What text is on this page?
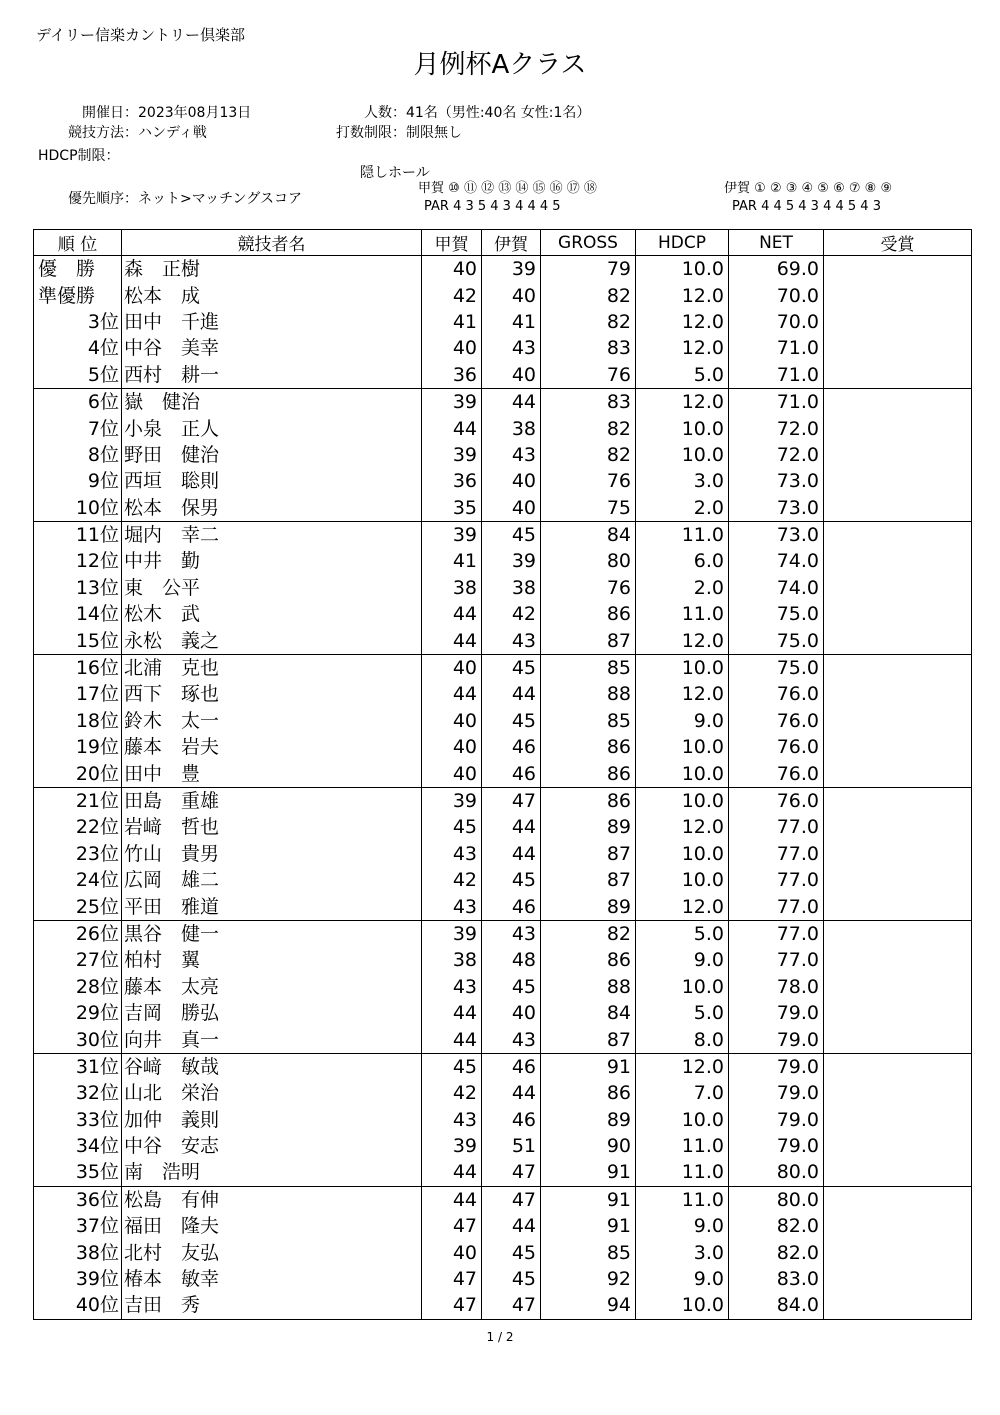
デイリー信楽カントリー倶楽部
月例杯Aクラス
開催日：2023年08月13日
競技方法：ハンディ戦
人数：41名（男性:40名 女性:1名）
打数制限：制限無し
HDCP制限：
優先順序：ネット>マッチングスコア
隠しホール
甲賀 ⑩ ⑪ ⑫ ⑬ ⑭ ⑮ ⑯ ⑰ ⑱
PAR 4 3 5 4 3 4 4 4 5
伊賀 ① ② ③ ④ ⑤ ⑥ ⑦ ⑧ ⑨
PAR 4 4 5 4 3 4 4 5 4 3
順 位	競技者名	甲賀	伊賀	GROSS	HDCP	NET	受賞
優　勝	森　正樹	40	39	79	10.0	69.0	
準優勝	松本　成	42	40	82	12.0	70.0	
3位	田中　千進	41	41	82	12.0	70.0	
4位	中谷　美幸	40	43	83	12.0	71.0	
5位	西村　耕一	36	40	76	5.0	71.0	
6位	嶽　健治	39	44	83	12.0	71.0	
7位	小泉　正人	44	38	82	10.0	72.0	
8位	野田　健治	39	43	82	10.0	72.0	
9位	西垣　聡則	36	40	76	3.0	73.0	
10位	松本　保男	35	40	75	2.0	73.0	
11位	堀内　幸二	39	45	84	11.0	73.0	
12位	中井　勤	41	39	80	6.0	74.0	
13位	東　公平	38	38	76	2.0	74.0	
14位	松木　武	44	42	86	11.0	75.0	
15位	永松　義之	44	43	87	12.0	75.0	
16位	北浦　克也	40	45	85	10.0	75.0	
17位	西下　琢也	44	44	88	12.0	76.0	
18位	鈴木　太一	40	45	85	9.0	76.0	
19位	藤本　岩夫	40	46	86	10.0	76.0	
20位	田中　豊	40	46	86	10.0	76.0	
21位	田島　重雄	39	47	86	10.0	76.0	
22位	岩﨑　哲也	45	44	89	12.0	77.0	
23位	竹山　貴男	43	44	87	10.0	77.0	
24位	広岡　雄二	42	45	87	10.0	77.0	
25位	平田　雅道	43	46	89	12.0	77.0	
26位	黒谷　健一	39	43	82	5.0	77.0	
27位	柏村　翼	38	48	86	9.0	77.0	
28位	藤本　太亮	43	45	88	10.0	78.0	
29位	吉岡　勝弘	44	40	84	5.0	79.0	
30位	向井　真一	44	43	87	8.0	79.0	
31位	谷﨑　敏哉	45	46	91	12.0	79.0	
32位	山北　栄治	42	44	86	7.0	79.0	
33位	加仲　義則	43	46	89	10.0	79.0	
34位	中谷　安志	39	51	90	11.0	79.0	
35位	南　浩明	44	47	91	11.0	80.0	
36位	松島　有伸	44	47	91	11.0	80.0	
37位	福田　隆夫	47	44	91	9.0	82.0	
38位	北村　友弘	40	45	85	3.0	82.0	
39位	椿本　敏幸	47	45	92	9.0	83.0	
40位	吉田　秀	47	47	94	10.0	84.0	
1 / 2
